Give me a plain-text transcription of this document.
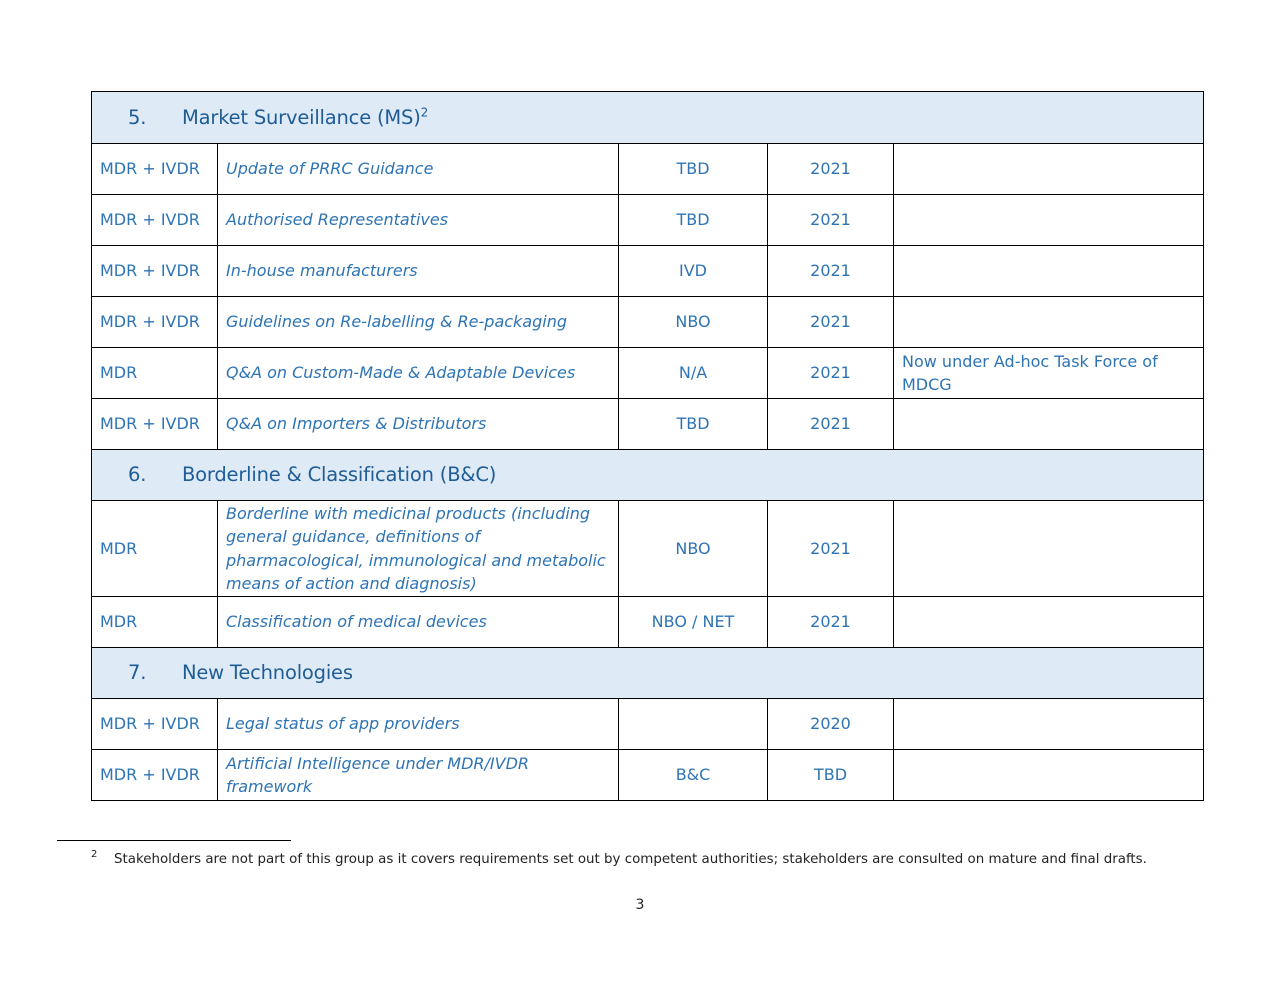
5. Market Surveillance (MS)$^2$
MDR + IVDR	Update of PRRC Guidance	TBD	2021	
MDR + IVDR	Authorised Representatives	TBD	2021	
MDR + IVDR	In-house manufacturers	IVD	2021	
MDR + IVDR	Guidelines on Re-labelling & Re-packaging	NBO	2021	
MDR	Q&A on Custom-Made & Adaptable Devices	N/A	2021	Now under Ad-hoc Task Force of MDCG
MDR + IVDR	Q&A on Importers & Distributors	TBD	2021	
6. Borderline & Classification (B&C)				
MDR	Borderline with medicinal products (including general guidance, definitions of pharmacological, immunological and metabolic means of action and diagnosis)	NBO	2021	
MDR	Classification of medical devices	NBO / NET	2021	
7. New Technologies				
MDR + IVDR	Legal status of app providers		2020	
MDR + IVDR	Artificial Intelligence under MDR/IVDR framework	B&C	TBD	
2 Stakeholders are not part of this group as it covers requirements set out by competent authorities; stakeholders are consulted on mature and final drafts.
3
